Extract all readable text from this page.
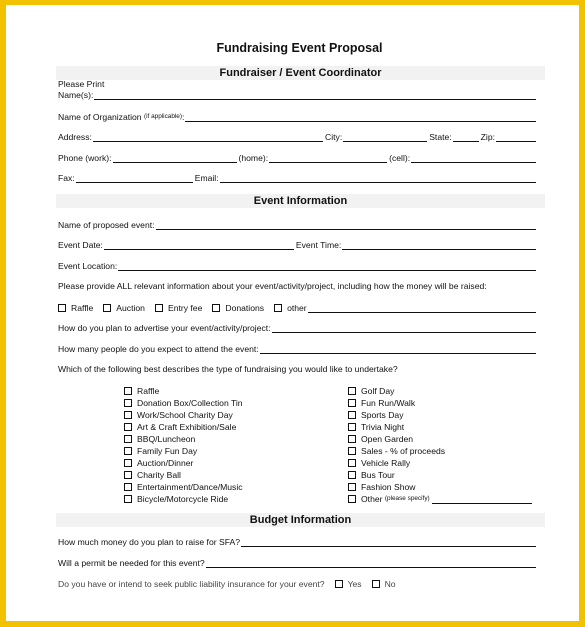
Fundraising Event Proposal
Fundraiser / Event Coordinator
Please Print
Name(s):
Name of Organization
(if applicable) :
Address:	City:	State:	Zip:
Phone (work):	(home):	(cell):
Fax:	Email:
Event Information
Name of proposed event:
Event Date:	Event Time:
Event Location:
Please provide ALL relevant information about your event/activity/project, including how the money will be raised:
Raffle	Auction	Entry fee	Donations	other
How do you plan to advertise your event/activity/project:
How many people do you expect to attend the event:
Which of the following best describes the type of fundraising you would like to undertake?
Raffle
Donation Box/Collection Tin
Work/School Charity Day
Art & Craft Exhibition/Sale
BBQ/Luncheon
Family Fun Day
Auction/Dinner
Charity Ball
Entertainment/Dance/Music
Bicycle/Motorcycle Ride
Golf Day
Fun Run/Walk
Sports Day
Trivia Night
Open Garden
Sales - % of proceeds
Vehicle Rally
Bus Tour
Fashion Show
Other
(please specify)
Budget Information
How much money do you plan to raise for SFA?
Will a permit be needed for this event?
Do you have or intend to seek public liability insurance for your event?	Yes	No
